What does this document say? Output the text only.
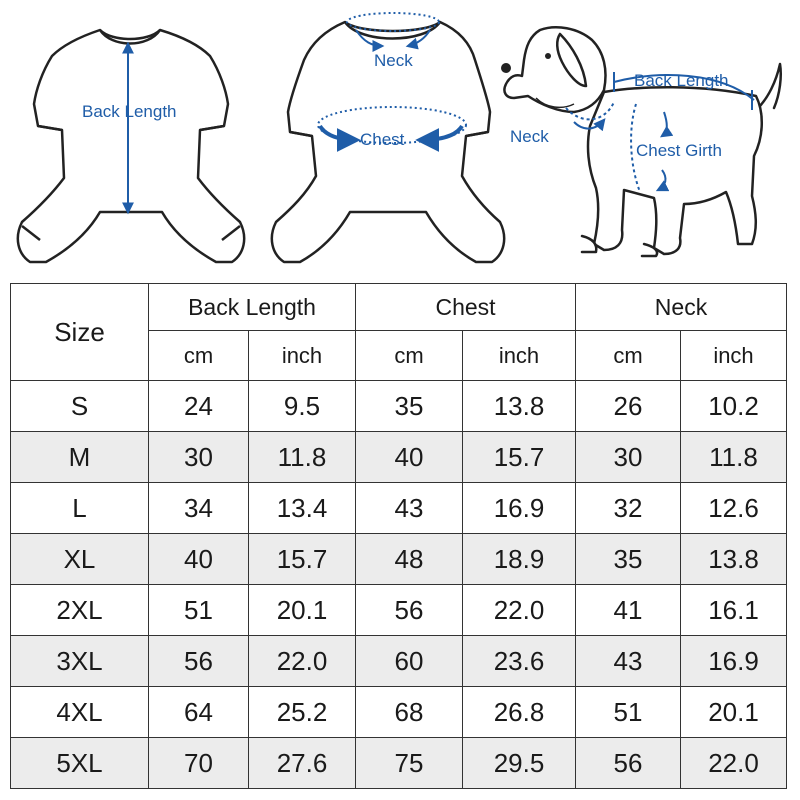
Back Length
Neck
Chest
Back Length
Neck
Chest Girth
Size	Back Length		Chest		Neck	
	cm	inch	cm	inch	cm	inch
S	24	9.5	35	13.8	26	10.2
M	30	11.8	40	15.7	30	11.8
L	34	13.4	43	16.9	32	12.6
XL	40	15.7	48	18.9	35	13.8
2XL	51	20.1	56	22.0	41	16.1
3XL	56	22.0	60	23.6	43	16.9
4XL	64	25.2	68	26.8	51	20.1
5XL	70	27.6	75	29.5	56	22.0
